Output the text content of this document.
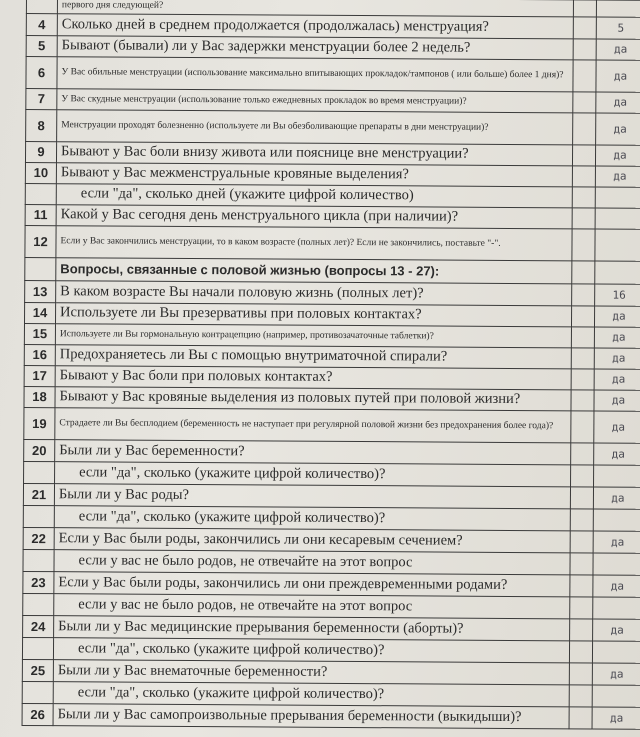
	первого дня следующей?		
4	Сколько дней в среднем продолжается (продолжалась) менструация?		5
5	Бывают (бывали) ли у Вас задержки менструации более 2 недель?		да
6	У Вас обильные менструации (использование максимально впитывающих прокладок/тампонов ( или больше) более 1 дня)?		да
7	У Вас скудные менструации (использование только ежедневных прокладок во время менструации)?		да
8	Менструации проходят болезненно (используете ли Вы обезболивающие препараты в дни менструации)?		да
9	Бывают у Вас боли внизу живота или пояснице вне менструации?		да
10	Бывают у Вас межменструальные кровяные выделения?		да
	если "да", сколько дней (укажите цифрой количество)		
11	Какой у Вас сегодня день менструального цикла (при наличии)?		
12	Если у Вас закончились менструации, то в каком возрасте (полных лет)? Если не закончились, поставьте "-".		
	Вопросы, связанные с половой жизнью (вопросы 13 - 27):		
13	В каком возрасте Вы начали половую жизнь (полных лет)?		16
14	Используете ли Вы презервативы при половых контактах?		да
15	Используете ли Вы гормональную контрацепцию (например, противозачаточные таблетки)?		да
16	Предохраняетесь ли Вы с помощью внутриматочной спирали?		да
17	Бывают у Вас боли при половых контактах?		да
18	Бывают у Вас кровяные выделения из половых путей при половой жизни?		да
19	Страдаете ли Вы бесплодием (беременность не наступает при регулярной половой жизни без предохранения более года)?		да
20	Были ли у Вас беременности?		да
	если "да", сколько (укажите цифрой количество)?		
21	Были ли у Вас роды?		да
	если "да", сколько (укажите цифрой количество)?		
22	Если у Вас были роды, закончились ли они кесаревым сечением?		да
	если у вас не было родов, не отвечайте на этот вопрос		
23	Если у Вас были роды, закончились ли они преждевременными родами?		да
	если у вас не было родов, не отвечайте на этот вопрос		
24	Были ли у Вас медицинские прерывания беременности (аборты)?		да
	если "да", сколько (укажите цифрой количество)?		
25	Были ли у Вас внематочные беременности?		да
	если "да", сколько (укажите цифрой количество)?		
26	Были ли у Вас самопроизвольные прерывания беременности (выкидыши)?		да
